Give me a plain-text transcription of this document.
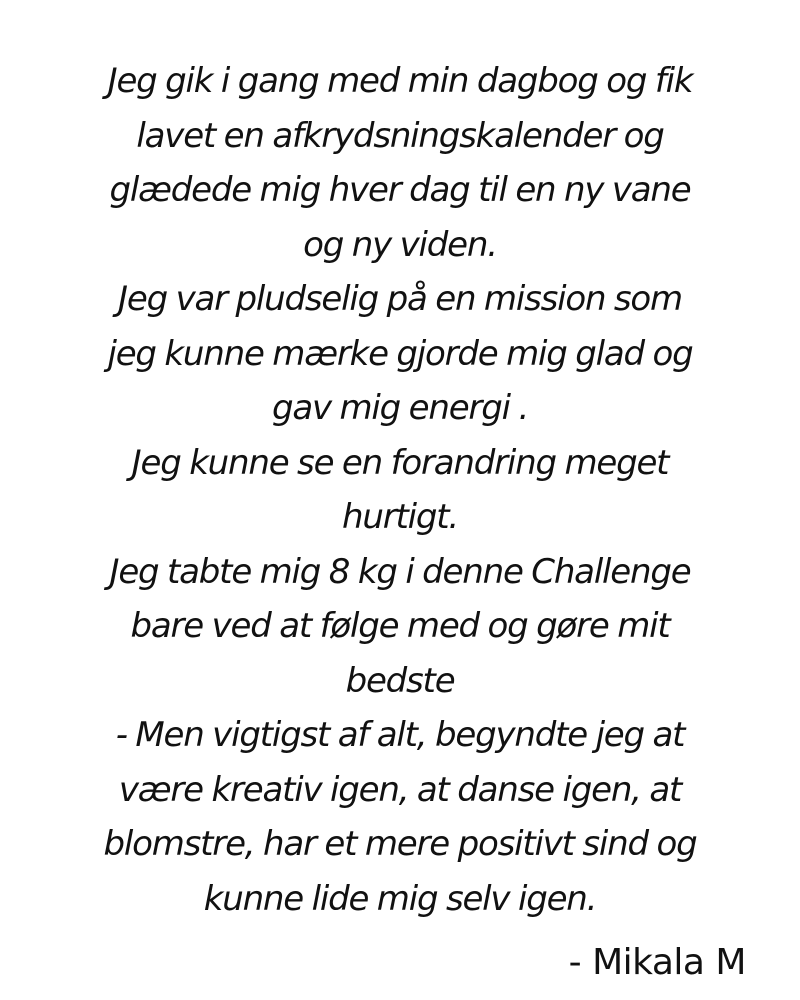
Jeg gik i gang med min dagbog og fik
lavet en afkrydsningskalender og
glædede mig hver dag til en ny vane
og ny viden.
Jeg var pludselig på en mission som
jeg kunne mærke gjorde mig glad og
gav mig energi .
Jeg kunne se en forandring meget
hurtigt.
Jeg tabte mig 8 kg i denne Challenge
bare ved at følge med og gøre mit
bedste
- Men vigtigst af alt, begyndte jeg at
være kreativ igen, at danse igen, at
blomstre, har et mere positivt sind og
kunne lide mig selv igen.
- Mikala M
